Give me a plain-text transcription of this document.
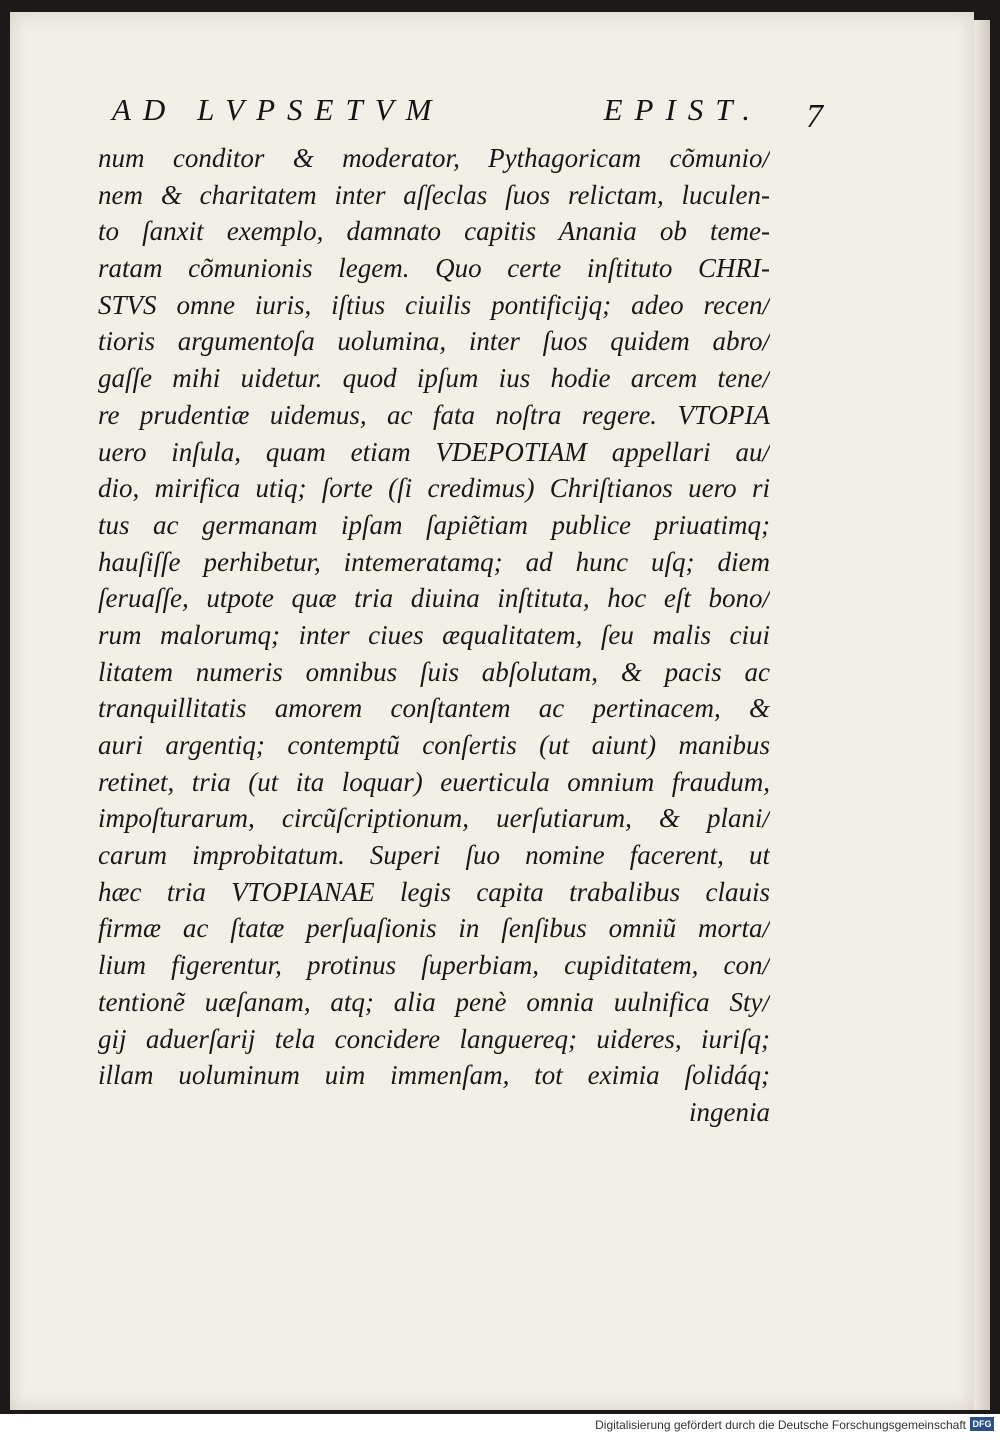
AD LVPSETVM	EPIST. 7
num conditor & moderator, Pythagoricam cõmunio/
nem & charitatem inter aſſeclas ſuos relictam, luculen-
to ſanxit exemplo, damnato capitis Anania ob teme-
ratam cõmunionis legem. Quo certe inſtituto CHRI-
STVS omne iuris, iſtius ciuilis pontificijq; adeo recen/
tioris argumentoſa uolumina, inter ſuos quidem abro/
gaſſe mihi uidetur. quod ipſum ius hodie arcem tene/
re prudentiæ uidemus, ac fata noſtra regere. VTOPIA
uero inſula, quam etiam VDEPOTIAM appellari au/
dio, mirifica utiq; ſorte (ſi credimus) Chriſtianos uero ri
tus ac germanam ipſam ſapiẽtiam publice priuatimq;
hauſiſſe perhibetur, intemeratamq; ad hunc uſq; diem
ſeruaſſe, utpote quæ tria diuina inſtituta, hoc eſt bono/
rum malorumq; inter ciues æqualitatem, ſeu malis ciui
litatem numeris omnibus ſuis abſolutam, & pacis ac
tranquillitatis amorem conſtantem ac pertinacem, &
auri argentiq; contemptũ conſertis (ut aiunt) manibus
retinet, tria (ut ita loquar) euerticula omnium fraudum,
impoſturarum, circũſcriptionum, uerſutiarum, & plani/
carum improbitatum. Superi ſuo nomine facerent, ut
hæc tria VTOPIANAE legis capita trabalibus clauis
firmæ ac ſtatæ perſuaſionis in ſenſibus omniũ morta/
lium figerentur, protinus ſuperbiam, cupiditatem, con/
tentionẽ uæſanam, atq; alia penè omnia uulnifica Sty/
gij aduerſarij tela concidere languereq; uideres, iuriſq;
illam uoluminum uim immenſam, tot eximia ſolidáq;
ingenia
Digitalisierung gefördert durch die Deutsche Forschungsgemeinschaft DFG
